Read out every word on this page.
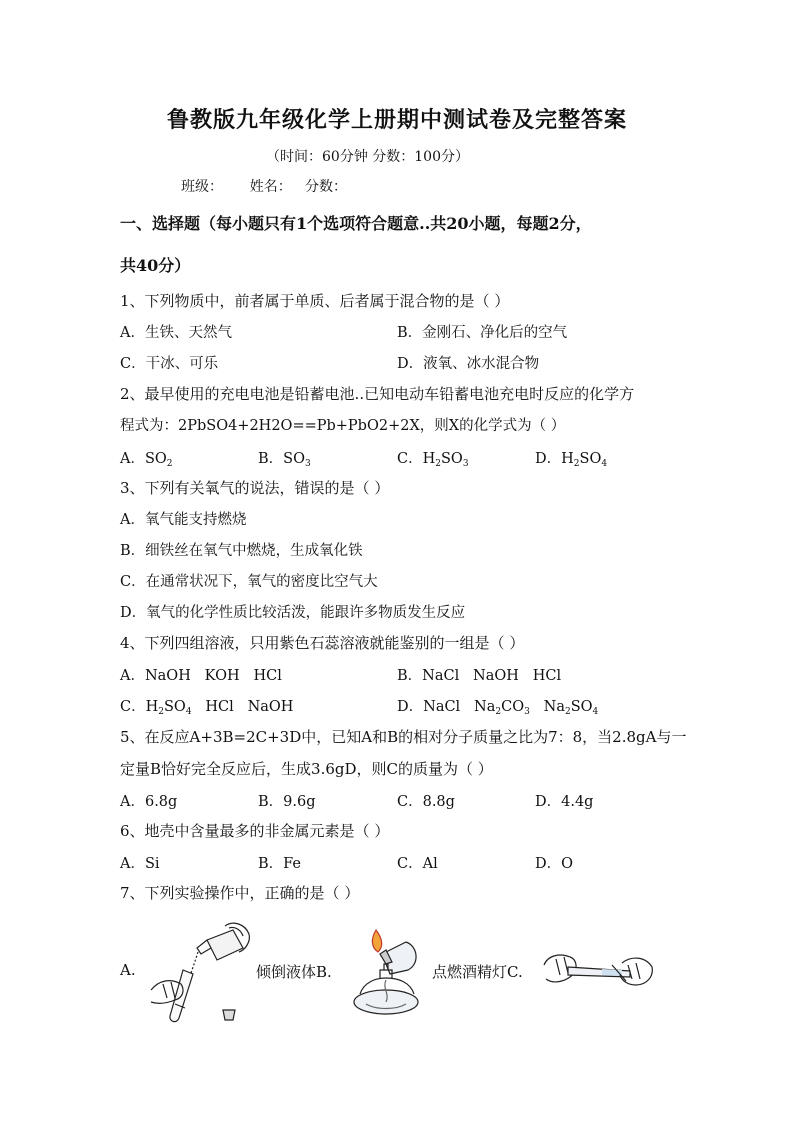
鲁教版九年级化学上册期中测试卷及完整答案
（时间：60分钟 分数：100分）
班级：      姓名：   分数：
一、选择题（每小题只有1个选项符合题意..共20小题，每题2分，
共40分）
1、下列物质中，前者属于单质、后者属于混合物的是（ ）
A．生铁、天然气	B．金刚石、净化后的空气
C．干冰、可乐	D．液氧、冰水混合物
2、最早使用的充电电池是铅蓄电池..已知电动车铅蓄电池充电时反应的化学方
程式为：2PbSO4+2H2O==Pb+PbO2+2X，则X的化学式为（ ）
A．$SO_2$	B．$SO_3$	C．$H_2SO_3$	D．$H_2SO_4$
3、下列有关氧气的说法，错误的是（ ）
A．氧气能支持燃烧
B．细铁丝在氧气中燃烧，生成氧化铁
C．在通常状况下，氧气的密度比空气大
D．氧气的化学性质比较活泼，能跟许多物质发生反应
4、下列四组溶液，只用紫色石蕊溶液就能鉴别的一组是（ ）
A．NaOH   KOH   HCl	B．NaCl   NaOH   HCl
C．$H_2SO_4$   HCl   NaOH	D．NaCl   $Na_2CO_3$   $Na_2SO_4$
5、在反应A+3B=2C+3D中，已知A和B的相对分子质量之比为7：8，当2.8gA与一
定量B恰好完全反应后，生成3.6gD，则C的质量为（ ）
A．6.8g	B．9.6g	C．8.8g	D．4.4g
6、地壳中含量最多的非金属元素是（ ）
A．Si	B．Fe	C．Al	D．O
7、下列实验操作中，正确的是（ ）
A.	倾倒液体B.	点燃酒精灯C.
